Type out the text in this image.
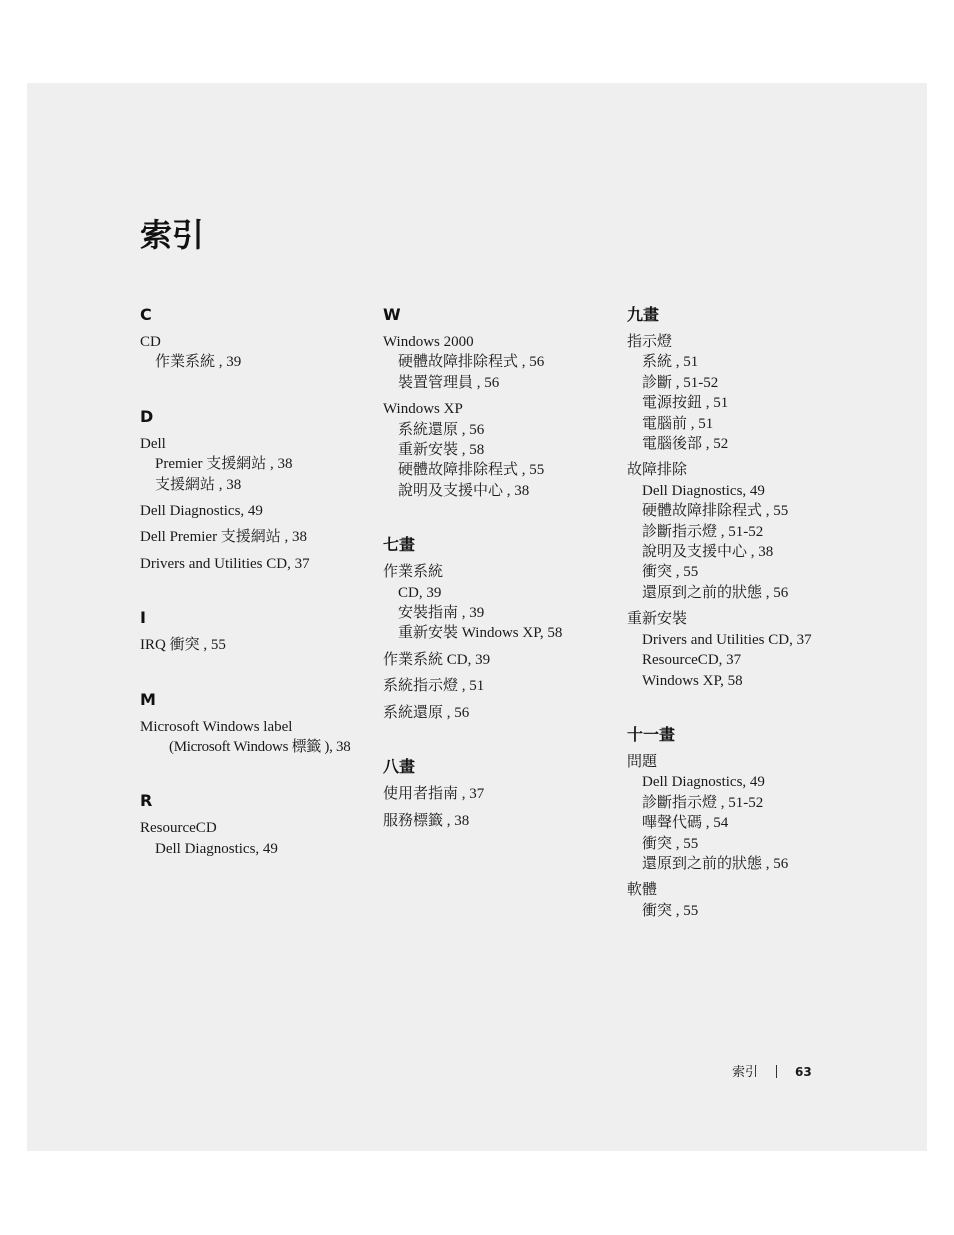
索引
C
CD
作業系統 , 39
D
Dell
Premier 支援網站 , 38
支援網站 , 38
Dell Diagnostics, 49
Dell Premier 支援網站 , 38
Drivers and Utilities CD, 37
I
IRQ 衝突 , 55
M
Microsoft Windows label
(Microsoft Windows 標籤 ), 38
R
ResourceCD
Dell Diagnostics, 49
W
Windows 2000
硬體故障排除程式 , 56
裝置管理員 , 56
Windows XP
系統還原 , 56
重新安裝 , 58
硬體故障排除程式 , 55
說明及支援中心 , 38
七畫
作業系統
CD, 39
安裝指南 , 39
重新安裝 Windows XP, 58
作業系統 CD, 39
系統指示燈 , 51
系統還原 , 56
八畫
使用者指南 , 37
服務標籤 , 38
九畫
指示燈
系統 , 51
診斷 , 51-52
電源按鈕 , 51
電腦前 , 51
電腦後部 , 52
故障排除
Dell Diagnostics, 49
硬體故障排除程式 , 55
診斷指示燈 , 51-52
說明及支援中心 , 38
衝突 , 55
還原到之前的狀態 , 56
重新安裝
Drivers and Utilities CD, 37
ResourceCD, 37
Windows XP, 58
十一畫
問題
Dell Diagnostics, 49
診斷指示燈 , 51-52
嗶聲代碼 , 54
衝突 , 55
還原到之前的狀態 , 56
軟體
衝突 , 55
索引	63
